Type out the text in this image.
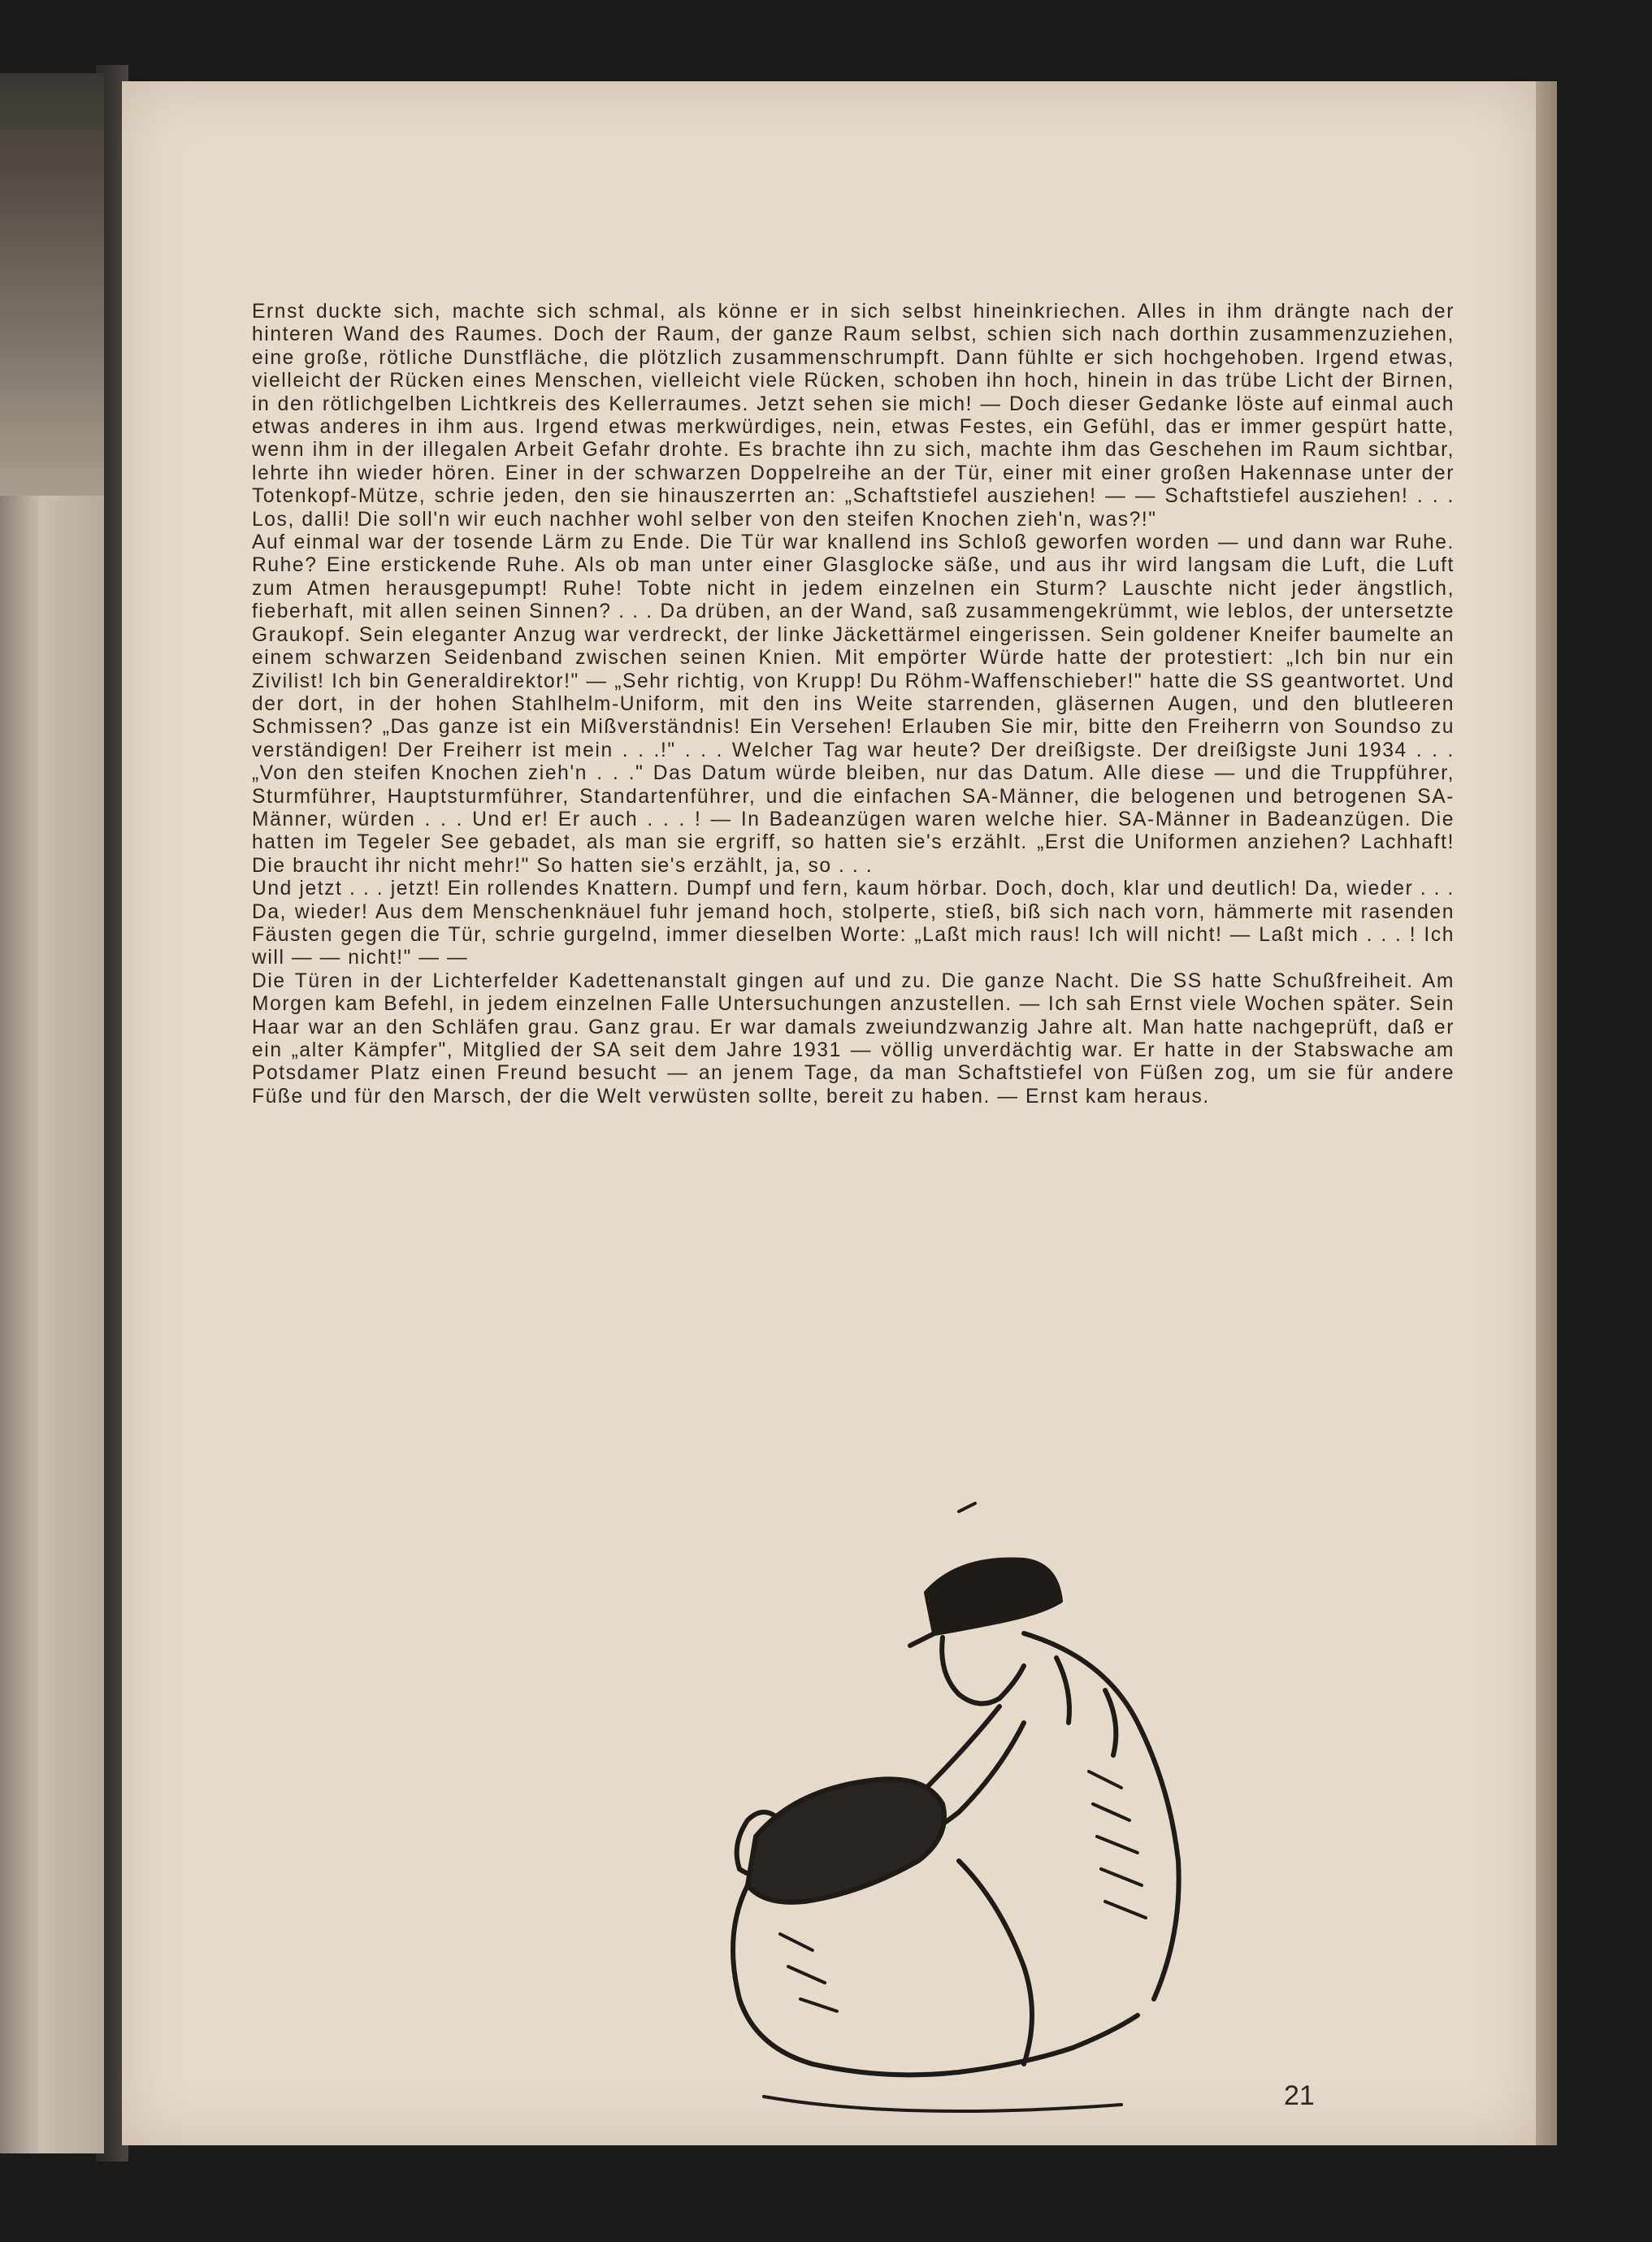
Ernst duckte sich, machte sich schmal, als könne er in sich selbst hineinkriechen. Alles in ihm drängte nach der hinteren Wand des Raumes. Doch der Raum, der ganze Raum selbst, schien sich nach dorthin zusammenzuziehen, eine große, rötliche Dunstfläche, die plötzlich zusammenschrumpft. Dann fühlte er sich hochgehoben. Irgend etwas, vielleicht der Rücken eines Menschen, vielleicht viele Rücken, schoben ihn hoch, hinein in das trübe Licht der Birnen, in den rötlichgelben Lichtkreis des Kellerraumes. Jetzt sehen sie mich! — Doch dieser Gedanke löste auf einmal auch etwas anderes in ihm aus. Irgend etwas merkwürdiges, nein, etwas Festes, ein Gefühl, das er immer gespürt hatte, wenn ihm in der illegalen Arbeit Gefahr drohte. Es brachte ihn zu sich, machte ihm das Geschehen im Raum sichtbar, lehrte ihn wieder hören. Einer in der schwarzen Doppelreihe an der Tür, einer mit einer großen Hakennase unter der Totenkopf-Mütze, schrie jeden, den sie hinauszerrten an: „Schaftstiefel ausziehen! — — Schaftstiefel ausziehen! . . . Los, dalli! Die soll'n wir euch nachher wohl selber von den steifen Knochen zieh'n, was?!"

Auf einmal war der tosende Lärm zu Ende. Die Tür war knallend ins Schloß geworfen worden — und dann war Ruhe. Ruhe? Eine erstickende Ruhe. Als ob man unter einer Glasglocke säße, und aus ihr wird langsam die Luft, die Luft zum Atmen herausgepumpt! Ruhe! Tobte nicht in jedem einzelnen ein Sturm? Lauschte nicht jeder ängstlich, fieberhaft, mit allen seinen Sinnen? . . . Da drüben, an der Wand, saß zusammengekrümmt, wie leblos, der untersetzte Graukopf. Sein eleganter Anzug war verdreckt, der linke Jäckettärmel eingerissen. Sein goldener Kneifer baumelte an einem schwarzen Seidenband zwischen seinen Knien. Mit empörter Würde hatte der protestiert: „Ich bin nur ein Zivilist! Ich bin Generaldirektor!" — „Sehr richtig, von Krupp! Du Röhm-Waffenschieber!" hatte die SS geantwortet. Und der dort, in der hohen Stahlhelm-Uniform, mit den ins Weite starrenden, gläsernen Augen, und den blutleeren Schmissen? „Das ganze ist ein Mißverständnis! Ein Versehen! Erlauben Sie mir, bitte den Freiherrn von Soundso zu verständigen! Der Freiherr ist mein . . .!" . . . Welcher Tag war heute? Der dreißigste. Der dreißigste Juni 1934 . . . „Von den steifen Knochen zieh'n . . ." Das Datum würde bleiben, nur das Datum. Alle diese — und die Truppführer, Sturmführer, Hauptsturmführer, Standartenführer, und die einfachen SA-Männer, die belogenen und betrogenen SA-Männer, würden . . . Und er! Er auch . . . ! — In Badeanzügen waren welche hier. SA-Männer in Badeanzügen. Die hatten im Tegeler See gebadet, als man sie ergriff, so hatten sie's erzählt. „Erst die Uniformen anziehen? Lachhaft! Die braucht ihr nicht mehr!" So hatten sie's erzählt, ja, so . . .

Und jetzt . . . jetzt! Ein rollendes Knattern. Dumpf und fern, kaum hörbar. Doch, doch, klar und deutlich! Da, wieder . . . Da, wieder! Aus dem Menschenknäuel fuhr jemand hoch, stolperte, stieß, biß sich nach vorn, hämmerte mit rasenden Fäusten gegen die Tür, schrie gurgelnd, immer dieselben Worte: „Laßt mich raus! Ich will nicht! — Laßt mich . . . ! Ich will — — nicht!" — —

Die Türen in der Lichterfelder Kadettenanstalt gingen auf und zu. Die ganze Nacht. Die SS hatte Schußfreiheit. Am Morgen kam Befehl, in jedem einzelnen Falle Untersuchungen anzustellen. — Ich sah Ernst viele Wochen später. Sein Haar war an den Schläfen grau. Ganz grau. Er war damals zweiundzwanzig Jahre alt. Man hatte nachgeprüft, daß er ein „alter Kämpfer", Mitglied der SA seit dem Jahre 1931 — völlig unverdächtig war. Er hatte in der Stabswache am Potsdamer Platz einen Freund besucht — an jenem Tage, da man Schaftstiefel von Füßen zog, um sie für andere Füße und für den Marsch, der die Welt verwüsten sollte, bereit zu haben. — Ernst kam heraus.

21
